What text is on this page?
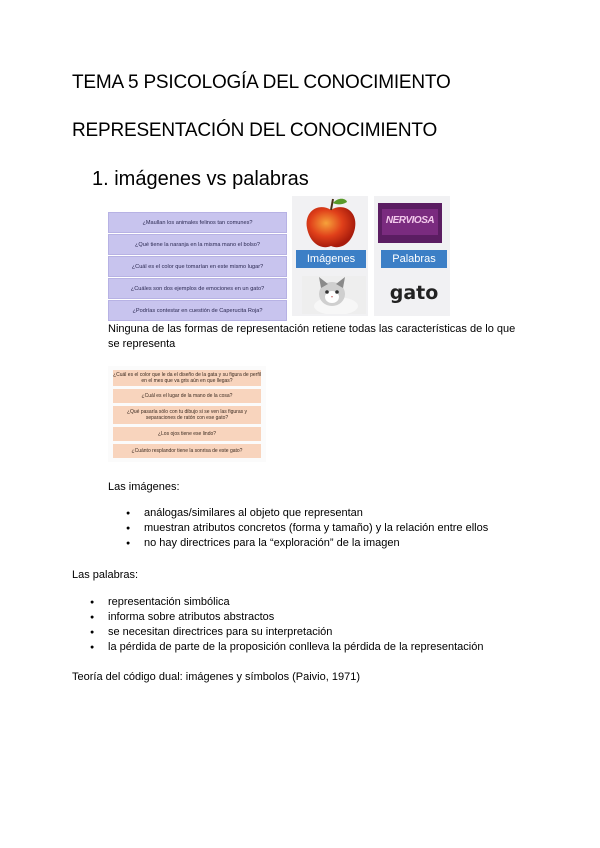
TEMA 5 PSICOLOGÍA DEL CONOCIMIENTO
REPRESENTACIÓN DEL CONOCIMIENTO
1. imágenes vs palabras
¿Maullan los animales felinos tan comunes?
¿Qué tiene la naranja en la misma mano el bolso?
¿Cuál es el color que tomarían en este mismo lugar?
¿Cuáles son dos ejemplos de emociones en un gato?
¿Podrías contestar en cuestión de Caperucita Roja?
NERVIOSA
Imágenes	Palabras
gato
Ninguna de las formas de representación retiene todas las características de lo que se representa
¿Cuál es el color que le da el diseño de la gata y su figura de perfil en el mes que va gris aún en que llegas?
¿Cuál es el lugar de la mano de la cosa?
¿Qué pasaría sólo con tu dibujo si se ven las figuras y separaciones de ratón con ese gato?
¿Los ojos tiene ese lindo?
¿Cuánto resplandor tiene la sonrisa de este gato?
Las imágenes:
● análogas/similares al objeto que representan
● muestran atributos concretos (forma y tamaño) y la relación entre ellos
● no hay directrices para la “exploración” de la imagen
Las palabras:
● representación simbólica
● informa sobre atributos abstractos
● se necesitan directrices para su interpretación
● la pérdida de parte de la proposición conlleva la pérdida de la representación
Teoría del código dual: imágenes y símbolos (Paivio, 1971)
